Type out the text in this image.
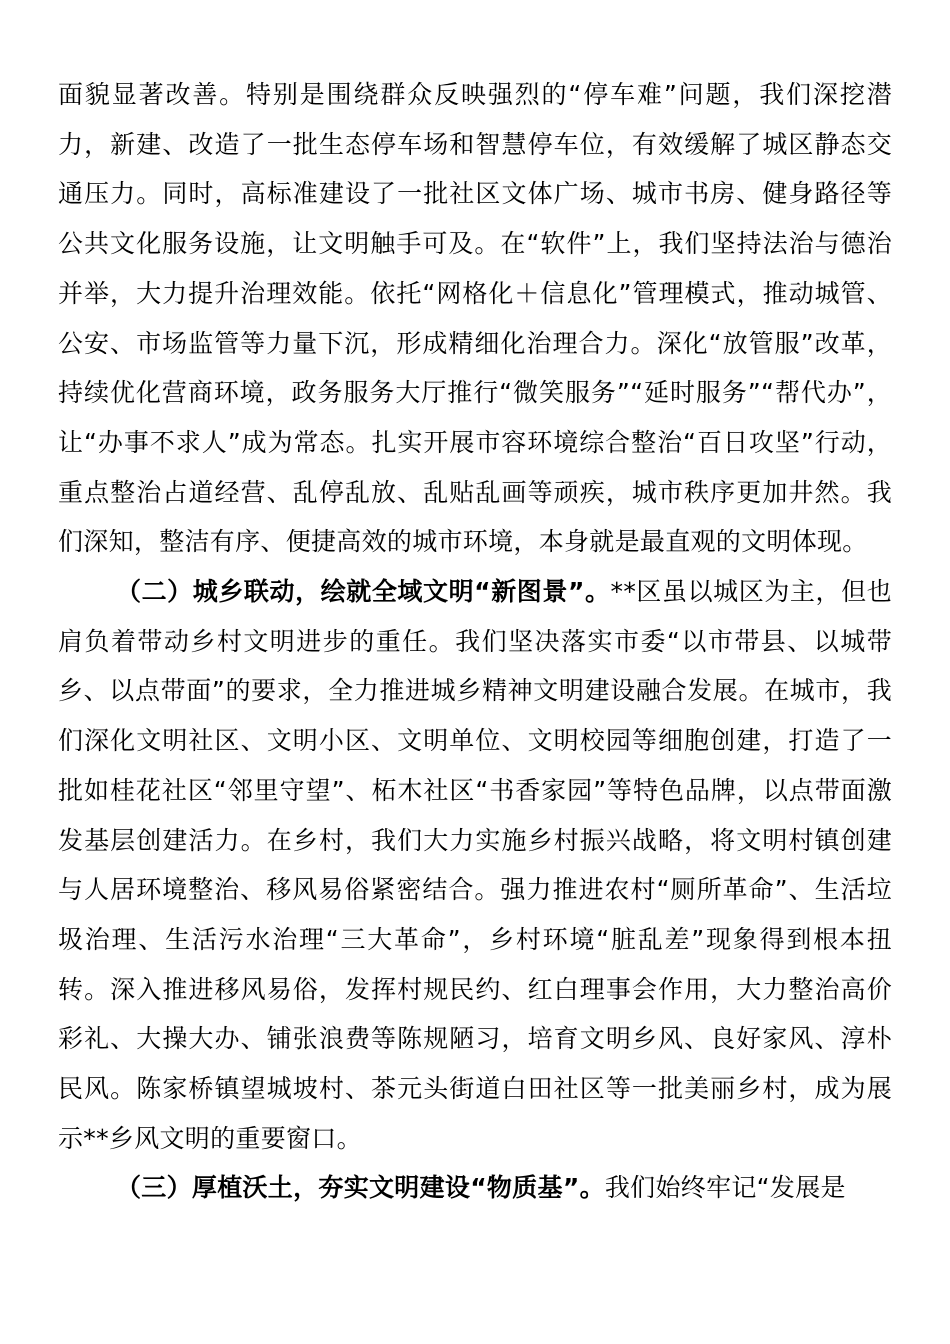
面貌显著改善。特别是围绕群众反映强烈的“停车难”问题，我们深挖潜力，新建、改造了一批生态停车场和智慧停车位，有效缓解了城区静态交通压力。同时，高标准建设了一批社区文体广场、城市书房、健身路径等公共文化服务设施，让文明触手可及。在“软件”上，我们坚持法治与德治并举，大力提升治理效能。依托“网格化＋信息化”管理模式，推动城管、公安、市场监管等力量下沉，形成精细化治理合力。深化“放管服”改革，持续优化营商环境，政务服务大厅推行“微笑服务”“延时服务”“帮代办”，让“办事不求人”成为常态。扎实开展市容环境综合整治“百日攻坚”行动，重点整治占道经营、乱停乱放、乱贴乱画等顽疾，城市秩序更加井然。我们深知，整洁有序、便捷高效的城市环境，本身就是最直观的文明体现。

（二）城乡联动，绘就全域文明“新图景”。**区虽以城区为主，但也肩负着带动乡村文明进步的重任。我们坚决落实市委“以市带县、以城带乡、以点带面”的要求，全力推进城乡精神文明建设融合发展。在城市，我们深化文明社区、文明小区、文明单位、文明校园等细胞创建，打造了一批如桂花社区“邻里守望”、柘木社区“书香家园”等特色品牌，以点带面激发基层创建活力。在乡村，我们大力实施乡村振兴战略，将文明村镇创建与人居环境整治、移风易俗紧密结合。强力推进农村“厕所革命”、生活垃圾治理、生活污水治理“三大革命”，乡村环境“脏乱差”现象得到根本扭转。深入推进移风易俗，发挥村规民约、红白理事会作用，大力整治高价彩礼、大操大办、铺张浪费等陈规陋习，培育文明乡风、良好家风、淳朴民风。陈家桥镇望城坡村、茶元头街道白田社区等一批美丽乡村，成为展示**乡风文明的重要窗口。

（三）厚植沃土，夯实文明建设“物质基”。我们始终牢记“发展是
